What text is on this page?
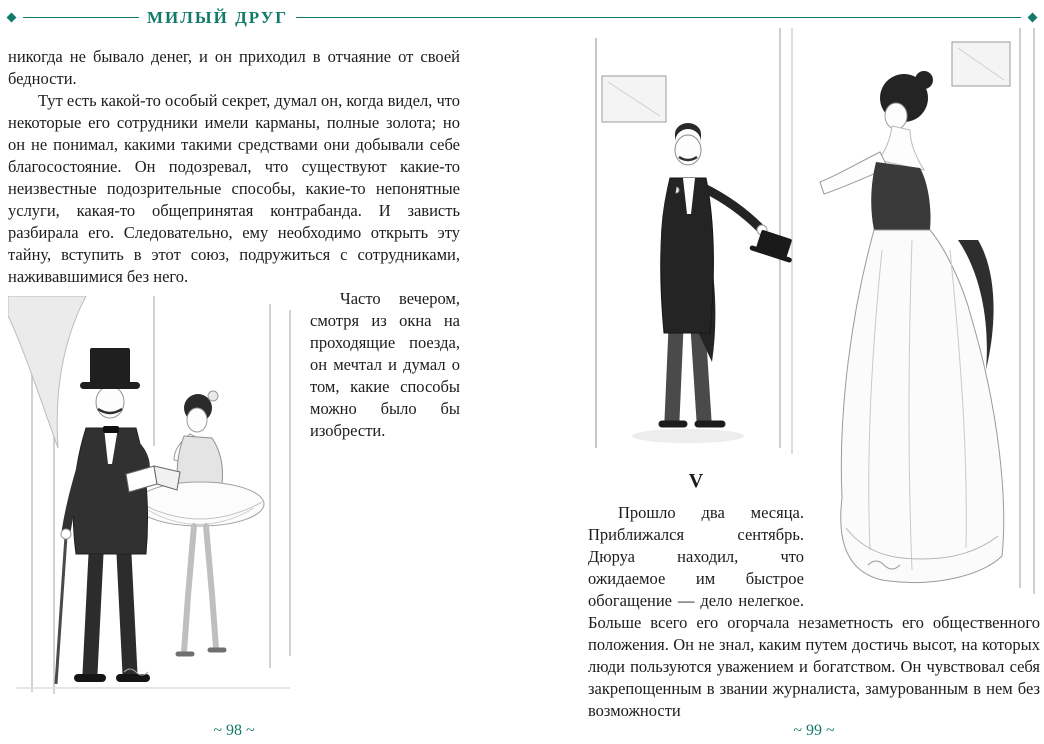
МИЛЫЙ ДРУГ

никогда не бывало денег, и он приходил в отчаяние от своей бедности.

Тут есть какой-то особый секрет, думал он, когда видел, что некоторые его сотрудники имели карманы, полные золота; но он не понимал, какими такими средствами они добывали себе благосостояние. Он подозревал, что существуют какие-то неизвестные подозрительные способы, какие-то непонятные услуги, какая-то общепринятая контрабанда. И зависть разбирала его. Следовательно, ему необходимо открыть эту тайну, вступить в этот союз, подружиться с сотрудниками, наживавшимися без него.

Часто вечером, смотря из окна на проходящие поезда, он мечтал и думал о том, какие способы можно было бы изобрести.

~ 98 ~
V

Прошло два месяца. Приближался сентябрь. Дюруа находил, что ожидаемое им быстрое обогащение — дело нелегкое. Больше всего его огорчала незаметность его общественного положения. Он не знал, каким путем достичь высот, на которых люди пользуются уважением и богатством. Он чувствовал себя закрепощенным в звании журналиста, замурованным в нем без возможности

~ 99 ~
